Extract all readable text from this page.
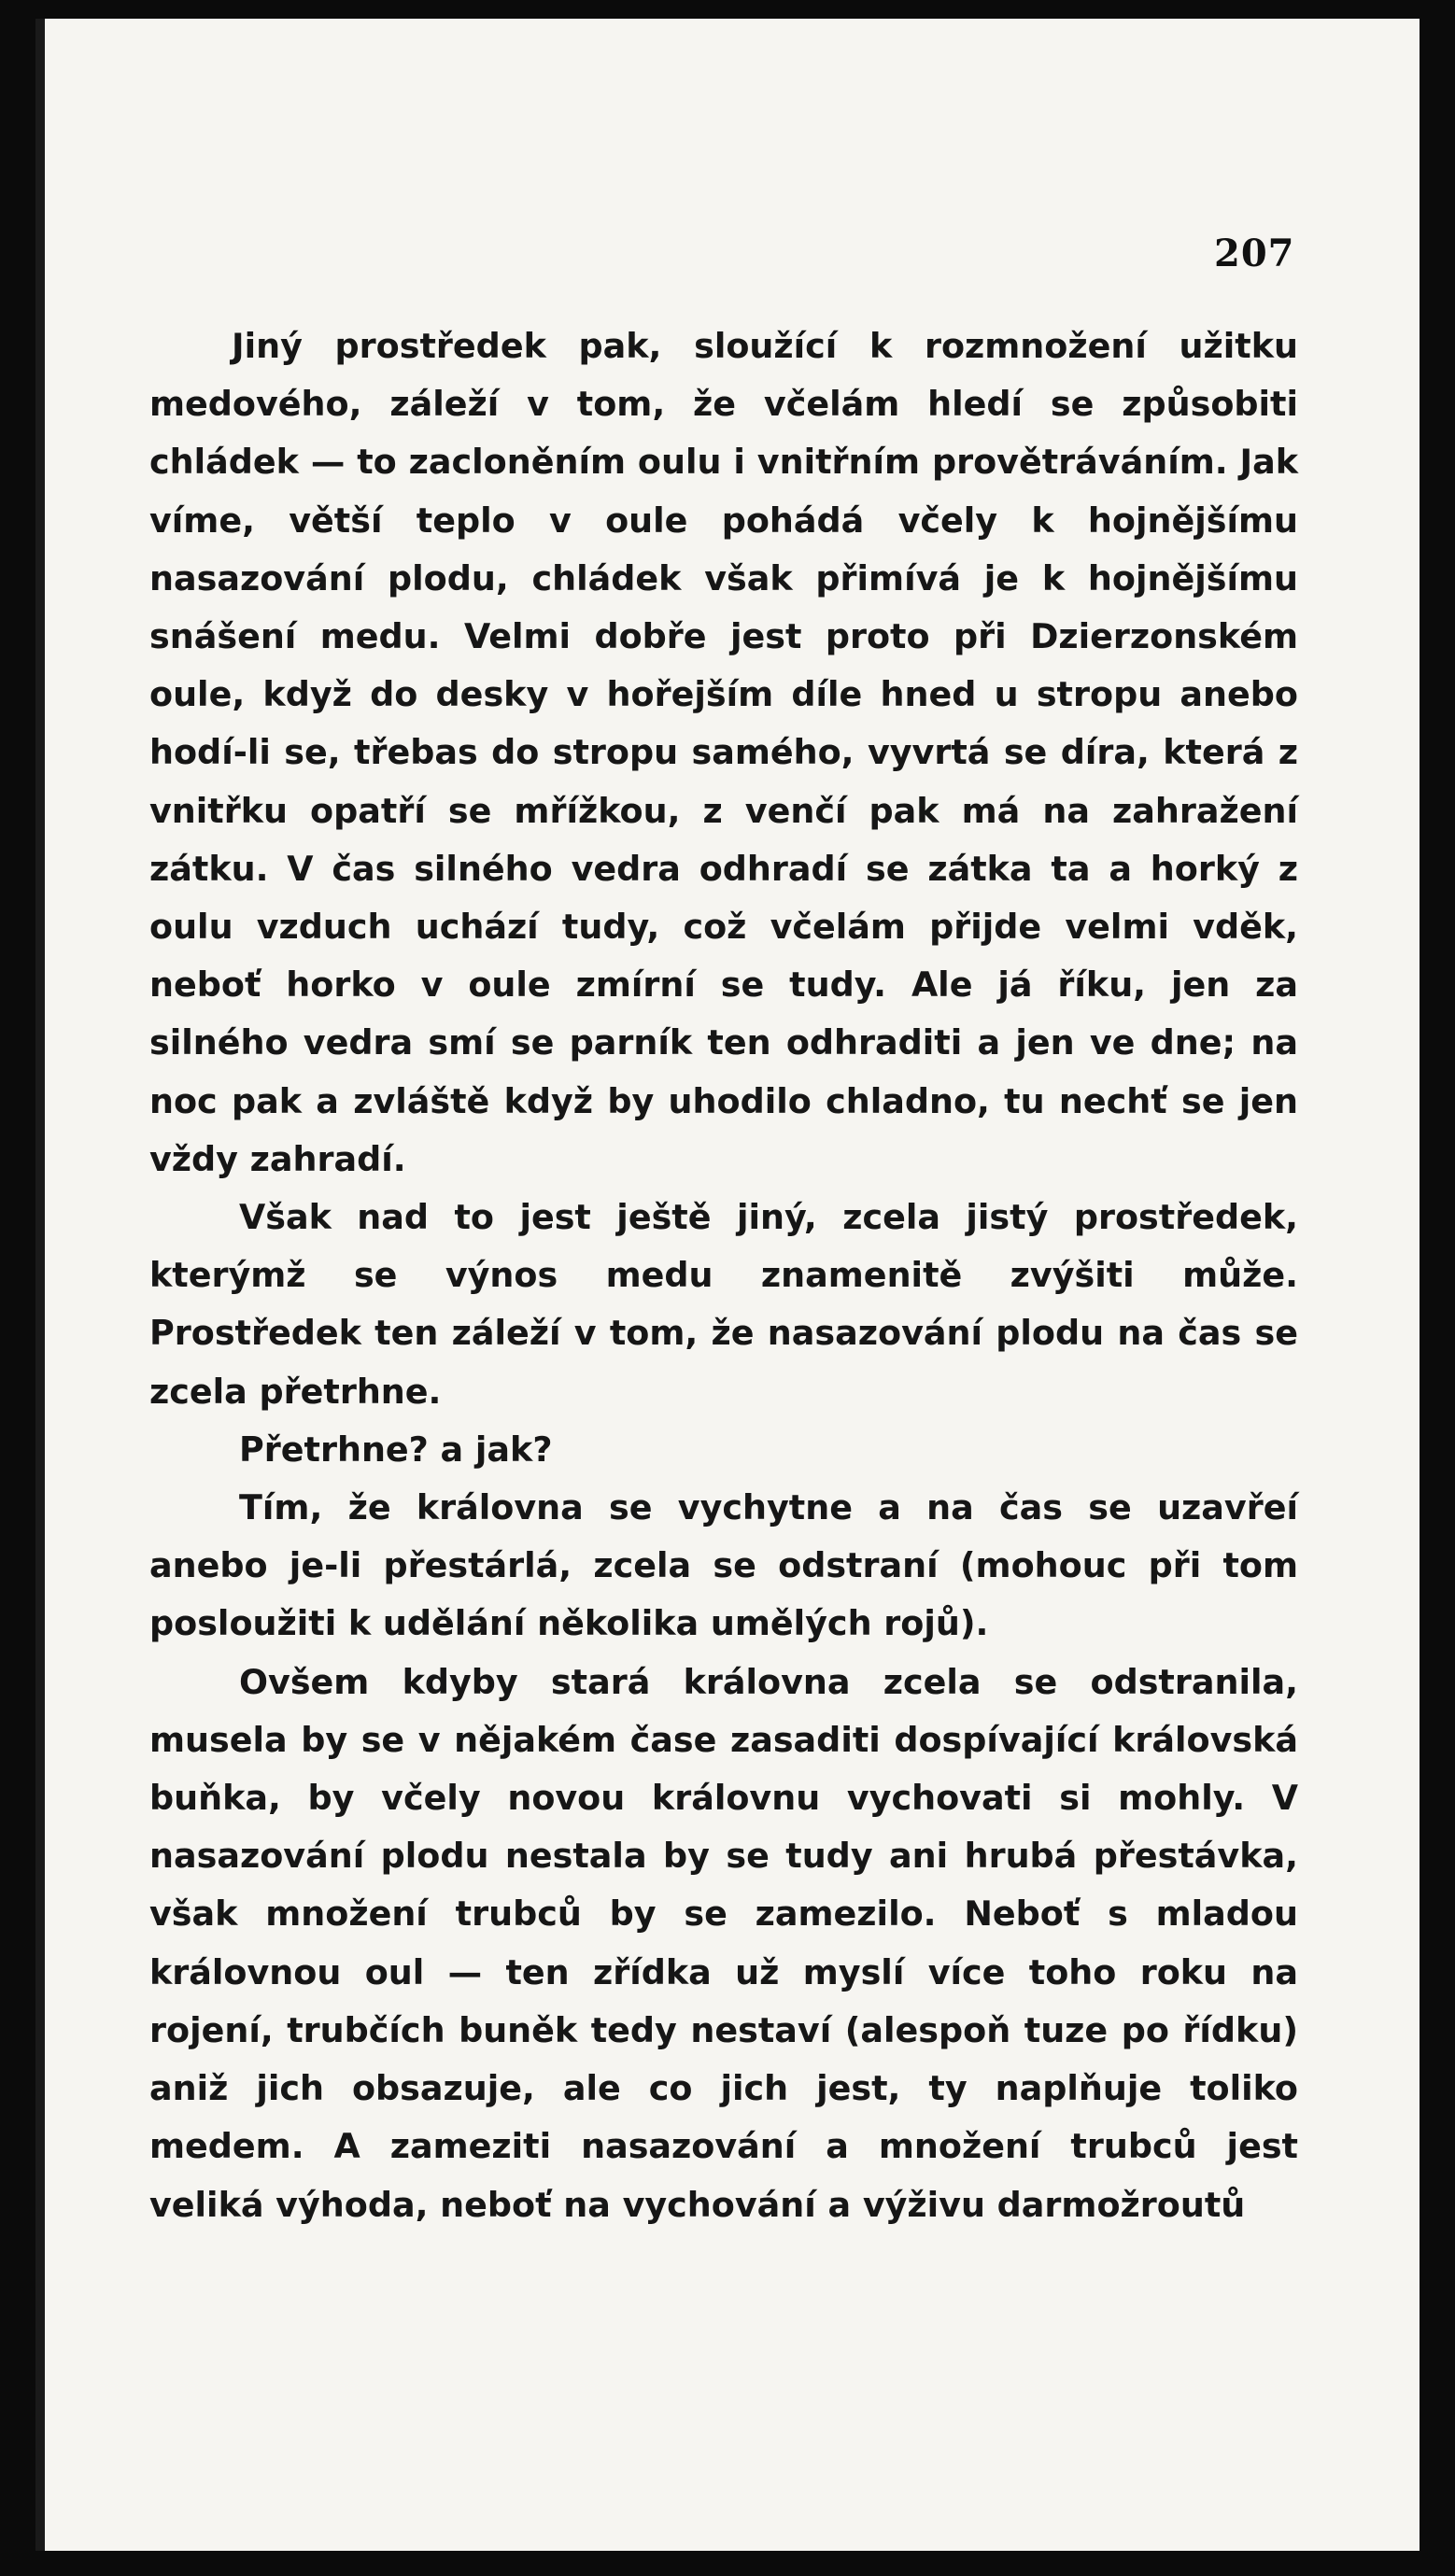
207

Jiný prostředek pak, sloužící k rozmnožení užitku medového, záleží v tom, že včelám hledí se způsobiti chládek — to zacloněním oulu i vnitřním provětráváním. Jak víme, větší teplo v oule pohádá včely k hojnějšímu nasazování plodu, chládek však přimívá je k hojnějšímu snášení medu. Velmi dobře jest proto při Dzierzonském oule, když do desky v hořejším díle hned u stropu anebo hodí-li se, třebas do stropu samého, vyvrtá se díra, která z vnitřku opatří se mřížkou, z venčí pak má na zahražení zátku. V čas silného vedra odhradí se zátka ta a horký z oulu vzduch uchází tudy, což včelám přijde velmi vděk, neboť horko v oule zmírní se tudy. Ale já říku, jen za silného vedra smí se parník ten odhraditi a jen ve dne; na noc pak a zvláště když by uhodilo chladno, tu nechť se jen vždy zahradí.

Však nad to jest ještě jiný, zcela jistý prostředek, kterýmž se výnos medu znamenitě zvýšiti může. Prostředek ten záleží v tom, že nasazování plodu na čas se zcela přetrhne.

Přetrhne? a jak?

Tím, že královna se vychytne a na čas se uzavřeí anebo je-li přestárlá, zcela se odstraní (mohouc při tom posloužiti k udělání několika umělých rojů).

Ovšem kdyby stará královna zcela se odstranila, musela by se v nějakém čase zasaditi dospívající královská buňka, by včely novou královnu vychovati si mohly. V nasazování plodu nestala by se tudy ani hrubá přestávka, však množení trubců by se zamezilo. Neboť s mladou královnou oul — ten zřídka už myslí více toho roku na rojení, trubčích buněk tedy nestaví (alespoň tuze po řídku) aniž jich obsazuje, ale co jich jest, ty naplňuje toliko medem. A zameziti nasazování a množení trubců jest veliká výhoda, neboť na vychování a výživu darmožroutů
